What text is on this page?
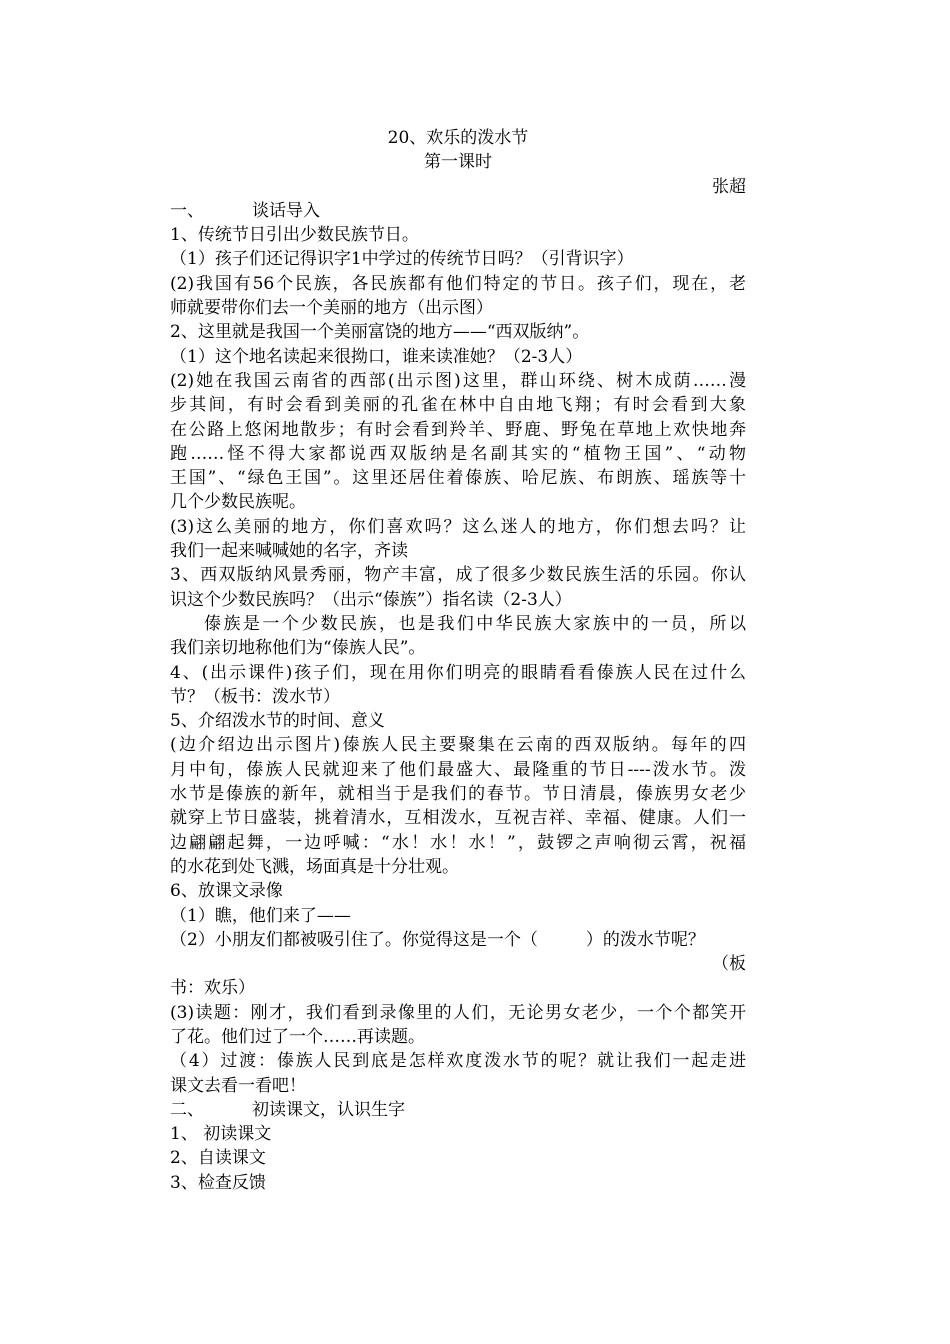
20、欢乐的泼水节
第一课时
张超
一、	谈话导入
1、传统节日引出少数民族节日。
（1）孩子们还记得识字1中学过的传统节日吗？（引背识字）
(2)我国有56个民族，各民族都有他们特定的节日。孩子们，现在，老
师就要带你们去一个美丽的地方（出示图）
2、这里就是我国一个美丽富饶的地方——“西双版纳”。
（1）这个地名读起来很拗口，谁来读准她？（2-3人）
(2)她在我国云南省的西部(出示图)这里，群山环绕、树木成荫……漫
步其间，有时会看到美丽的孔雀在林中自由地飞翔；有时会看到大象
在公路上悠闲地散步；有时会看到羚羊、野鹿、野兔在草地上欢快地奔
跑……怪不得大家都说西双版纳是名副其实的“植物王国”、“动物
王国”、“绿色王国”。这里还居住着傣族、哈尼族、布朗族、瑶族等十
几个少数民族呢。
(3)这么美丽的地方，你们喜欢吗？这么迷人的地方，你们想去吗？让
我们一起来喊喊她的名字，齐读
3、西双版纳风景秀丽，物产丰富，成了很多少数民族生活的乐园。你认
识这个少数民族吗？（出示“傣族”）指名读（2-3人）
傣族是一个少数民族，也是我们中华民族大家族中的一员，所以
我们亲切地称他们为“傣族人民”。
4、(出示课件)孩子们，现在用你们明亮的眼睛看看傣族人民在过什么
节？（板书：泼水节）
5、介绍泼水节的时间、意义
(边介绍边出示图片)傣族人民主要聚集在云南的西双版纳。每年的四
月中旬，傣族人民就迎来了他们最盛大、最隆重的节日----泼水节。泼
水节是傣族的新年，就相当于是我们的春节。节日清晨，傣族男女老少
就穿上节日盛装，挑着清水，互相泼水，互祝吉祥、幸福、健康。人们一
边翩翩起舞，一边呼喊：“水！水！水！”，鼓锣之声响彻云霄，祝福
的水花到处飞溅，场面真是十分壮观。
6、放课文录像
（1）瞧，他们来了——
（2）小朋友们都被吸引住了。你觉得这是一个（	）的泼水节呢？
（板
书：欢乐）
(3)读题：刚才，我们看到录像里的人们，无论男女老少，一个个都笑开
了花。他们过了一个……再读题。
（4）过渡：傣族人民到底是怎样欢度泼水节的呢？就让我们一起走进
课文去看一看吧！
二、	初读课文，认识生字
1、 初读课文
2、自读课文
3、检查反馈
